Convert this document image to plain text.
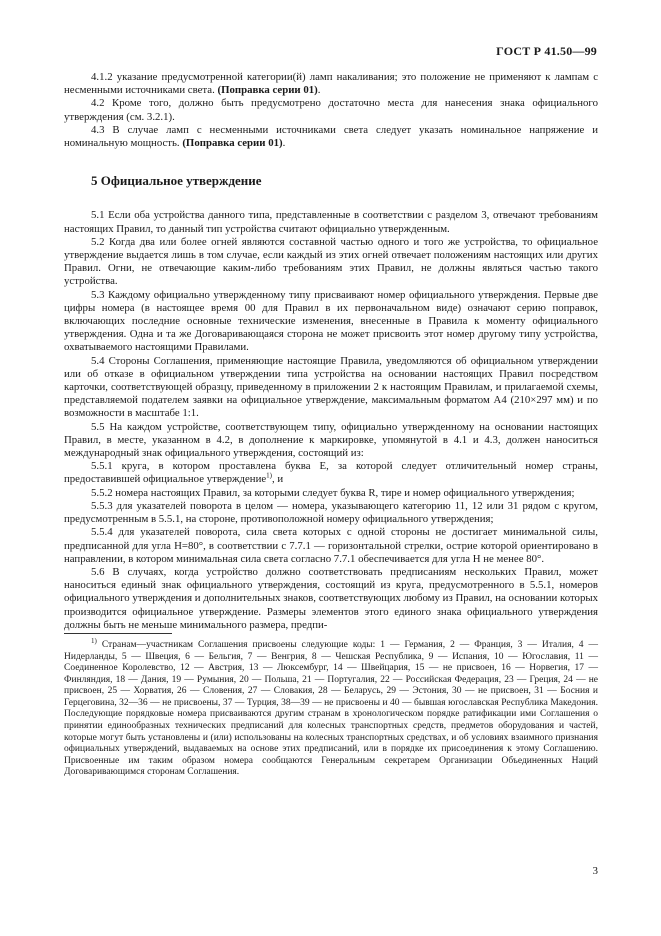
ГОСТ Р 41.50—99

4.1.2 указание предусмотренной категории(й) ламп накаливания; это положение не применяют к лампам с несменными источниками света. (Поправка серии 01).

4.2 Кроме того, должно быть предусмотрено достаточно места для нанесения знака официального утверждения (см. 3.2.1).

4.3 В случае ламп с несменными источниками света следует указать номинальное напряжение и номинальную мощность. (Поправка серии 01).

5 Официальное утверждение

5.1 Если оба устройства данного типа, представленные в соответствии с разделом 3, отвечают требованиям настоящих Правил, то данный тип устройства считают официально утвержденным.

5.2 Когда два или более огней являются составной частью одного и того же устройства, то официальное утверждение выдается лишь в том случае, если каждый из этих огней отвечает положениям настоящих или других Правил. Огни, не отвечающие каким-либо требованиям этих Правил, не должны являться частью такого устройства.

5.3 Каждому официально утвержденному типу присваивают номер официального утверждения. Первые две цифры номера (в настоящее время 00 для Правил в их первоначальном виде) означают серию поправок, включающих последние основные технические изменения, внесенные в Правила к моменту официального утверждения. Одна и та же Договаривающаяся сторона не может присвоить этот номер другому типу устройства, охватываемого настоящими Правилами.

5.4 Стороны Соглашения, применяющие настоящие Правила, уведомляются об официальном утверждении или об отказе в официальном утверждении типа устройства на основании настоящих Правил посредством карточки, соответствующей образцу, приведенному в приложении 2 к настоящим Правилам, и прилагаемой схемы, представляемой подателем заявки на официальное утверждение, максимальным форматом А4 (210×297 мм) и по возможности в масштабе 1:1.

5.5 На каждом устройстве, соответствующем типу, официально утвержденному на основании настоящих Правил, в месте, указанном в 4.2, в дополнение к маркировке, упомянутой в 4.1 и 4.3, должен наноситься международный знак официального утверждения, состоящий из:

5.5.1 круга, в котором проставлена буква Е, за которой следует отличительный номер страны, предоставившей официальное утверждение$^{1)}$, и

5.5.2 номера настоящих Правил, за которыми следует буква R, тире и номер официального утверждения;

5.5.3 для указателей поворота в целом — номера, указывающего категорию 11, 12 или 31 рядом с кругом, предусмотренным в 5.5.1, на стороне, противоположной номеру официального утверждения;

5.5.4 для указателей поворота, сила света которых с одной стороны не достигает минимальной силы, предписанной для угла H=80°, в соответствии с 7.7.1 — горизонтальной стрелки, острие которой ориентировано в направлении, в котором минимальная сила света согласно 7.7.1 обеспечивается для угла H не менее 80°.

5.6 В случаях, когда устройство должно соответствовать предписаниям нескольких Правил, может наноситься единый знак официального утверждения, состоящий из круга, предусмотренного в 5.5.1, номеров официального утверждения и дополнительных знаков, соответствующих любому из Правил, на основании которых производится официальное утверждение. Размеры элементов этого единого знака официального утверждения должны быть не меньше минимального размера, предпи-

$^{1)}$ Странам—участникам Соглашения присвоены следующие коды: 1 — Германия, 2 — Франция, 3 — Италия, 4 — Нидерланды, 5 — Швеция, 6 — Бельгия, 7 — Венгрия, 8 — Чешская Республика, 9 — Испания, 10 — Югославия, 11 — Соединенное Королевство, 12 — Австрия, 13 — Люксембург, 14 — Швейцария, 15 — не присвоен, 16 — Норвегия, 17 — Финляндия, 18 — Дания, 19 — Румыния, 20 — Польша, 21 — Португалия, 22 — Российская Федерация, 23 — Греция, 24 — не присвоен, 25 — Хорватия, 26 — Словения, 27 — Словакия, 28 — Беларусь, 29 — Эстония, 30 — не присвоен, 31 — Босния и Герцеговина, 32—36 — не присвоены, 37 — Турция, 38—39 — не присвоены и 40 — бывшая югославская Республика Македония. Последующие порядковые номера присваиваются другим странам в хронологическом порядке ратификации ими Соглашения о принятии единообразных технических предписаний для колесных транспортных средств, предметов оборудования и частей, которые могут быть установлены и (или) использованы на колесных транспортных средствах, и об условиях взаимного признания официальных утверждений, выдаваемых на основе этих предписаний, или в порядке их присоединения к этому Соглашению. Присвоенные им таким образом номера сообщаются Генеральным секретарем Организации Объединенных Наций Договаривающимся сторонам Соглашения.

3
